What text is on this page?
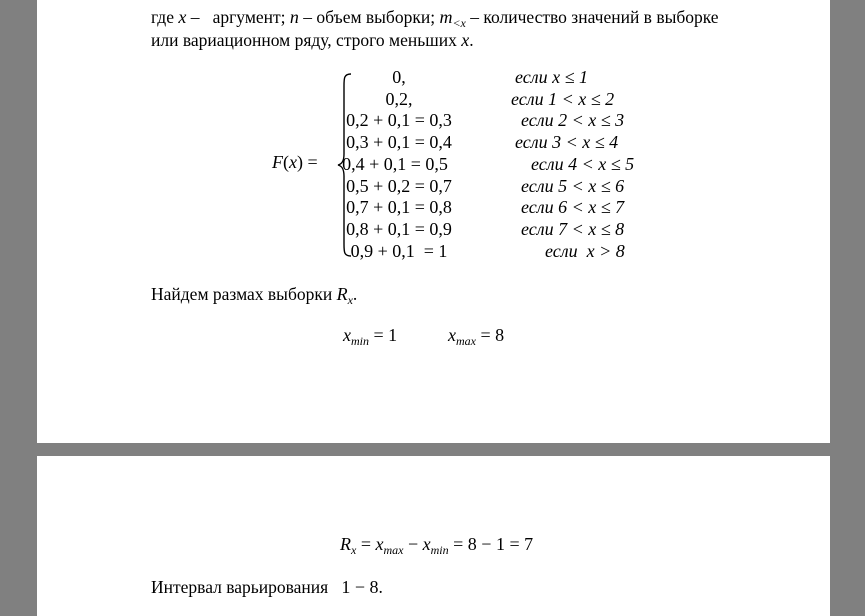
где x –   аргумент; n – объем выборки; $m_{<x}$ – количество значений в выборке
или вариационном ряду, строго меньших x.
F(x) =
Найдем размах выборки $R_x$.
$x_{min} = 1$	$x_{max} = 8$
0,	если x ≤ 1
0,2,	если 1 < x ≤ 2
0,2 + 0,1 = 0,3	если 2 < x ≤ 3
0,3 + 0,1 = 0,4	если 3 < x ≤ 4
0,4 + 0,1 = 0,5	если 4 < x ≤ 5
0,5 + 0,2 = 0,7	если 5 < x ≤ 6
0,7 + 0,1 = 0,8	если 6 < x ≤ 7
0,8 + 0,1 = 0,9	если 7 < x ≤ 8
0,9 + 0,1  = 1	если  x > 8
$R_x = x_{max} - x_{min} = 8 - 1 = 7$
Интервал варьирования   1 − 8.
